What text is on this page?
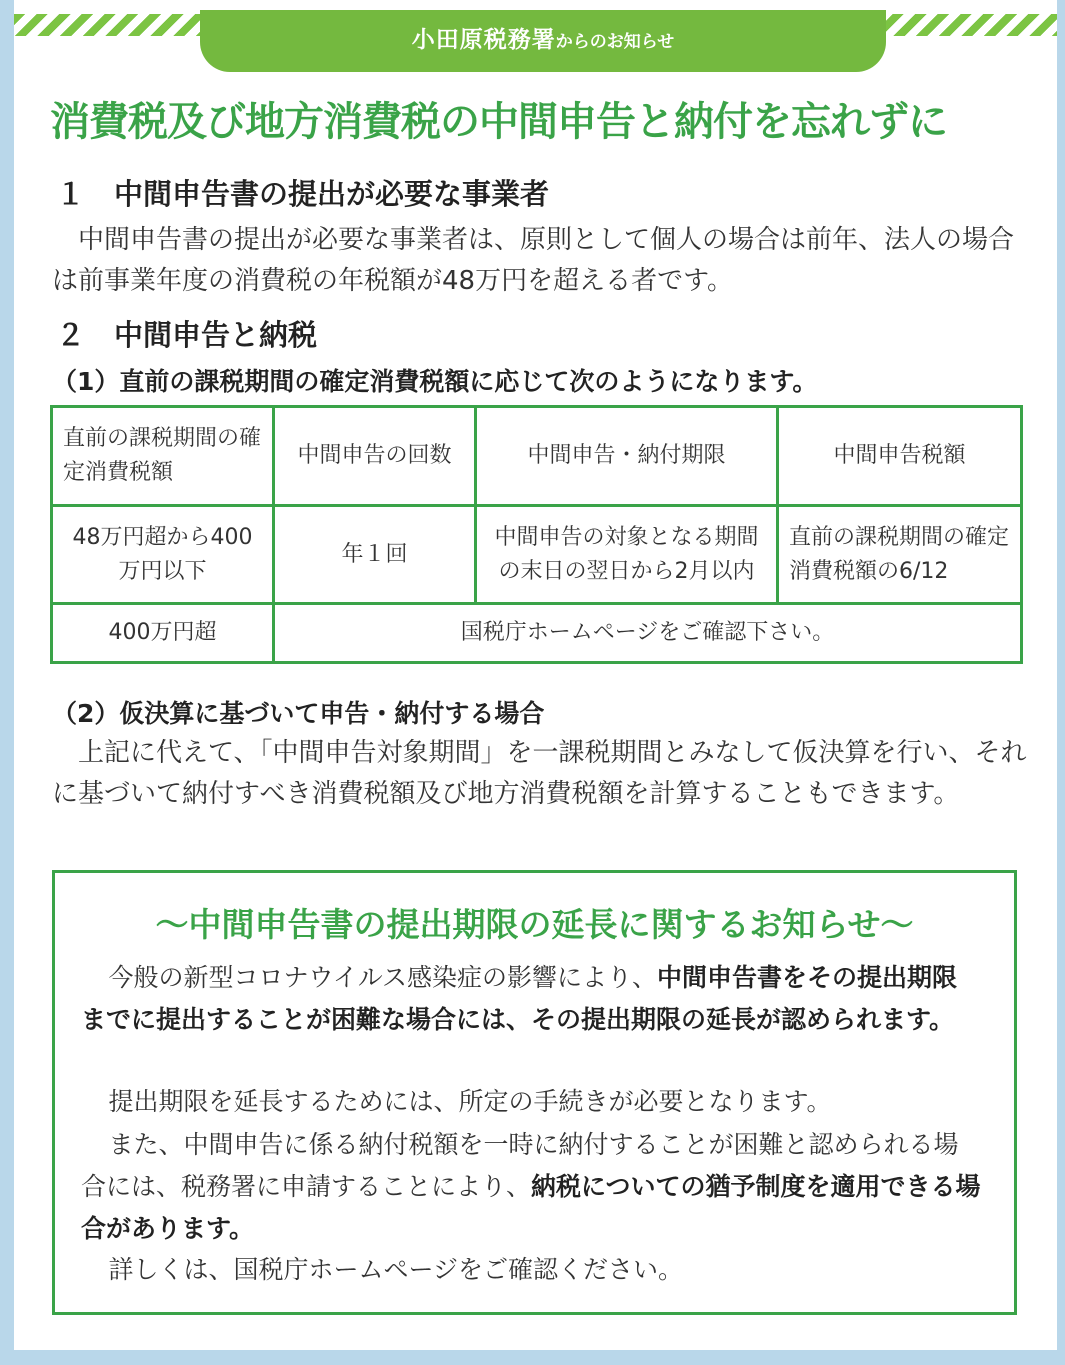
小田原税務署からのお知らせ
消費税及び地方消費税の中間申告と納付を忘れずに
１　中間申告書の提出が必要な事業者

中間申告書の提出が必要な事業者は、原則として個人の場合は前年、法人の場合は前事業年度の消費税の年税額が48万円を超える者です。

２　中間申告と納税
（1）直前の課税期間の確定消費税額に応じて次のようになります。
直前の課税期間の確定消費税額	中間申告の回数	中間申告・納付期限	中間申告税額
48万円超から400万円以下	年１回	中間申告の対象となる期間の末日の翌日から2月以内	直前の課税期間の確定消費税額の6/12
400万円超	国税庁ホームページをご確認下さい。		
（2）仮決算に基づいて申告・納付する場合

上記に代えて、「中間申告対象期間」を一課税期間とみなして仮決算を行い、それに基づいて納付すべき消費税額及び地方消費税額を計算することもできます。

～中間申告書の提出期限の延長に関するお知らせ～

今般の新型コロナウイルス感染症の影響により、中間申告書をその提出期限までに提出することが困難な場合には、その提出期限の延長が認められます。

提出期限を延長するためには、所定の手続きが必要となります。

また、中間申告に係る納付税額を一時に納付することが困難と認められる場合には、税務署に申請することにより、納税についての猶予制度を適用できる場合があります。

詳しくは、国税庁ホームページをご確認ください。
